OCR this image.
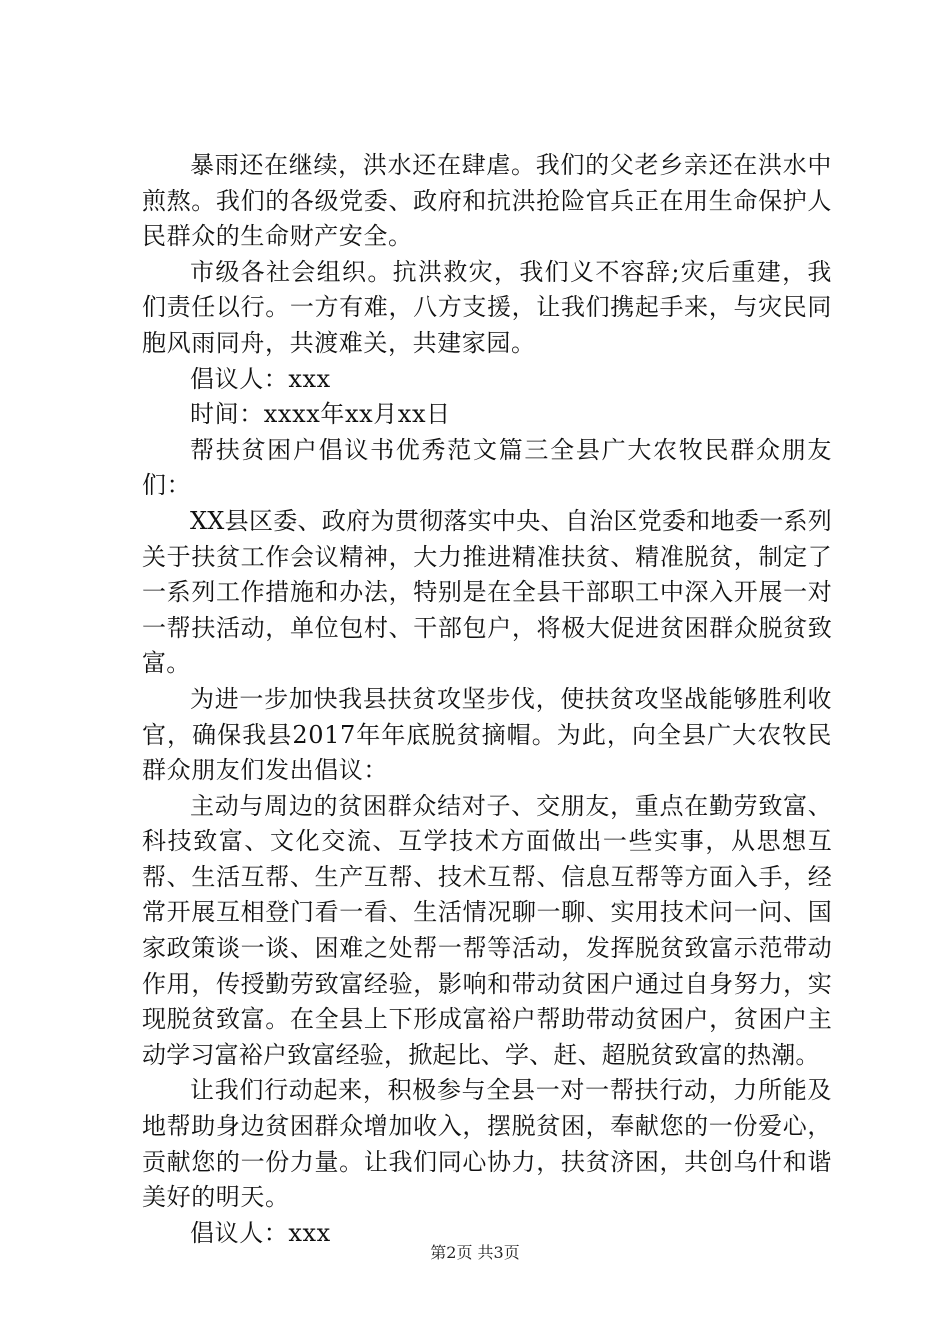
暴雨还在继续，洪水还在肆虐。我们的父老乡亲还在洪水中煎熬。我们的各级党委、政府和抗洪抢险官兵正在用生命保护人民群众的生命财产安全。

市级各社会组织。抗洪救灾，我们义不容辞;灾后重建，我们责任以行。一方有难，八方支援，让我们携起手来，与灾民同胞风雨同舟，共渡难关，共建家园。

倡议人：xxx

时间：xxxx年xx月xx日

帮扶贫困户倡议书优秀范文篇三全县广大农牧民群众朋友们：

XX县区委、政府为贯彻落实中央、自治区党委和地委一系列关于扶贫工作会议精神，大力推进精准扶贫、精准脱贫，制定了一系列工作措施和办法，特别是在全县干部职工中深入开展一对一帮扶活动，单位包村、干部包户，将极大促进贫困群众脱贫致富。

为进一步加快我县扶贫攻坚步伐，使扶贫攻坚战能够胜利收官，确保我县2017年年底脱贫摘帽。为此，向全县广大农牧民群众朋友们发出倡议：

主动与周边的贫困群众结对子、交朋友，重点在勤劳致富、科技致富、文化交流、互学技术方面做出一些实事，从思想互帮、生活互帮、生产互帮、技术互帮、信息互帮等方面入手，经常开展互相登门看一看、生活情况聊一聊、实用技术问一问、国家政策谈一谈、困难之处帮一帮等活动，发挥脱贫致富示范带动作用，传授勤劳致富经验，影响和带动贫困户通过自身努力，实现脱贫致富。在全县上下形成富裕户帮助带动贫困户，贫困户主动学习富裕户致富经验，掀起比、学、赶、超脱贫致富的热潮。

让我们行动起来，积极参与全县一对一帮扶行动，力所能及地帮助身边贫困群众增加收入，摆脱贫困，奉献您的一份爱心，贡献您的一份力量。让我们同心协力，扶贫济困，共创乌什和谐美好的明天。

倡议人：xxx

第2页 共3页
